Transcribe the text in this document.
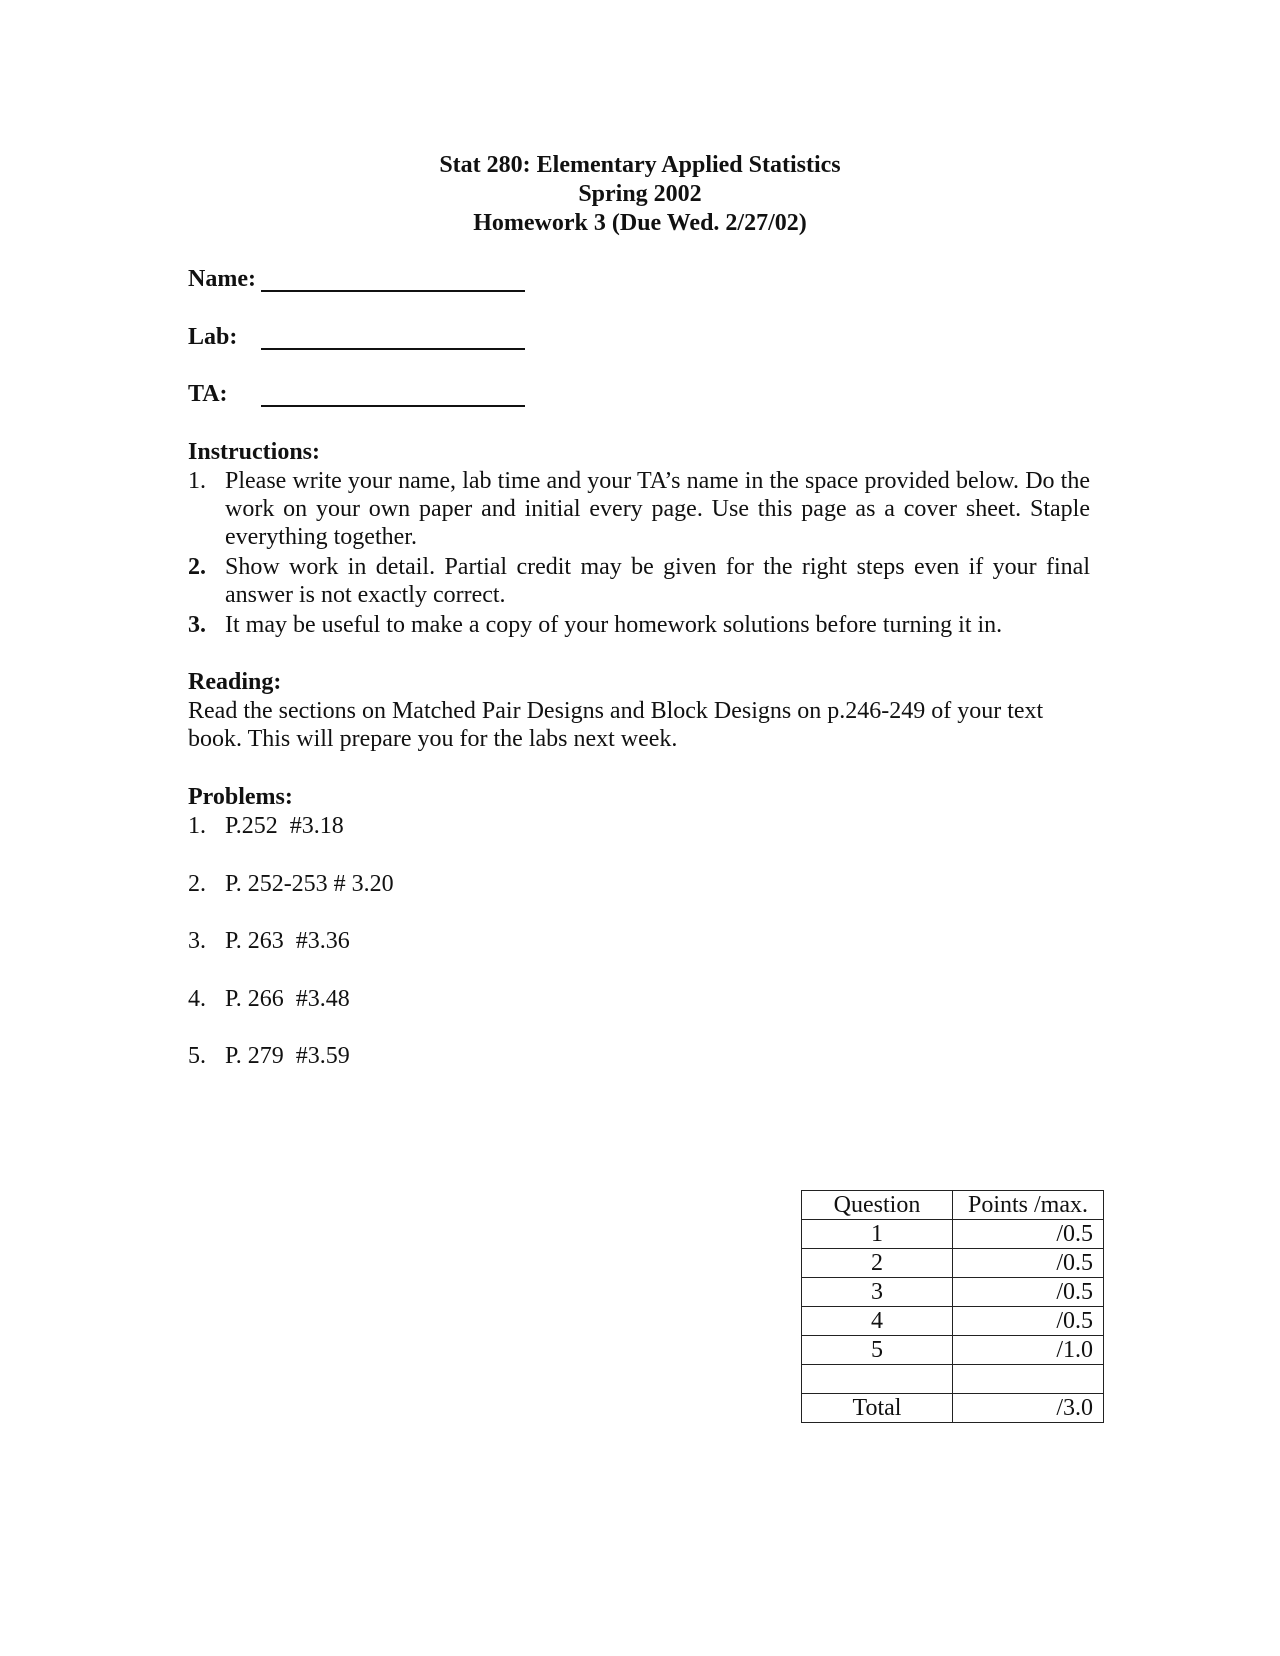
Stat 280: Elementary Applied Statistics
Spring 2002
Homework 3 (Due Wed. 2/27/02)
Name:
Lab:
TA:
Instructions:
1. Please write your name, lab time and your TA’s name in the space provided below. Do the work on your own paper and initial every page. Use this page as a cover sheet. Staple everything together.
2. Show work in detail. Partial credit may be given for the right steps even if your final answer is not exactly correct.
3. It may be useful to make a copy of your homework solutions before turning it in.
Reading:
Read the sections on Matched Pair Designs and Block Designs on p.246-249 of your text book. This will prepare you for the labs next week.
Problems:
1. P.252  #3.18
2. P. 252-253 # 3.20
3. P. 263  #3.36
4. P. 266  #3.48
5. P. 279  #3.59
Question	Points /max.
1	/0.5
2	/0.5
3	/0.5
4	/0.5
5	/1.0

Total	/3.0
